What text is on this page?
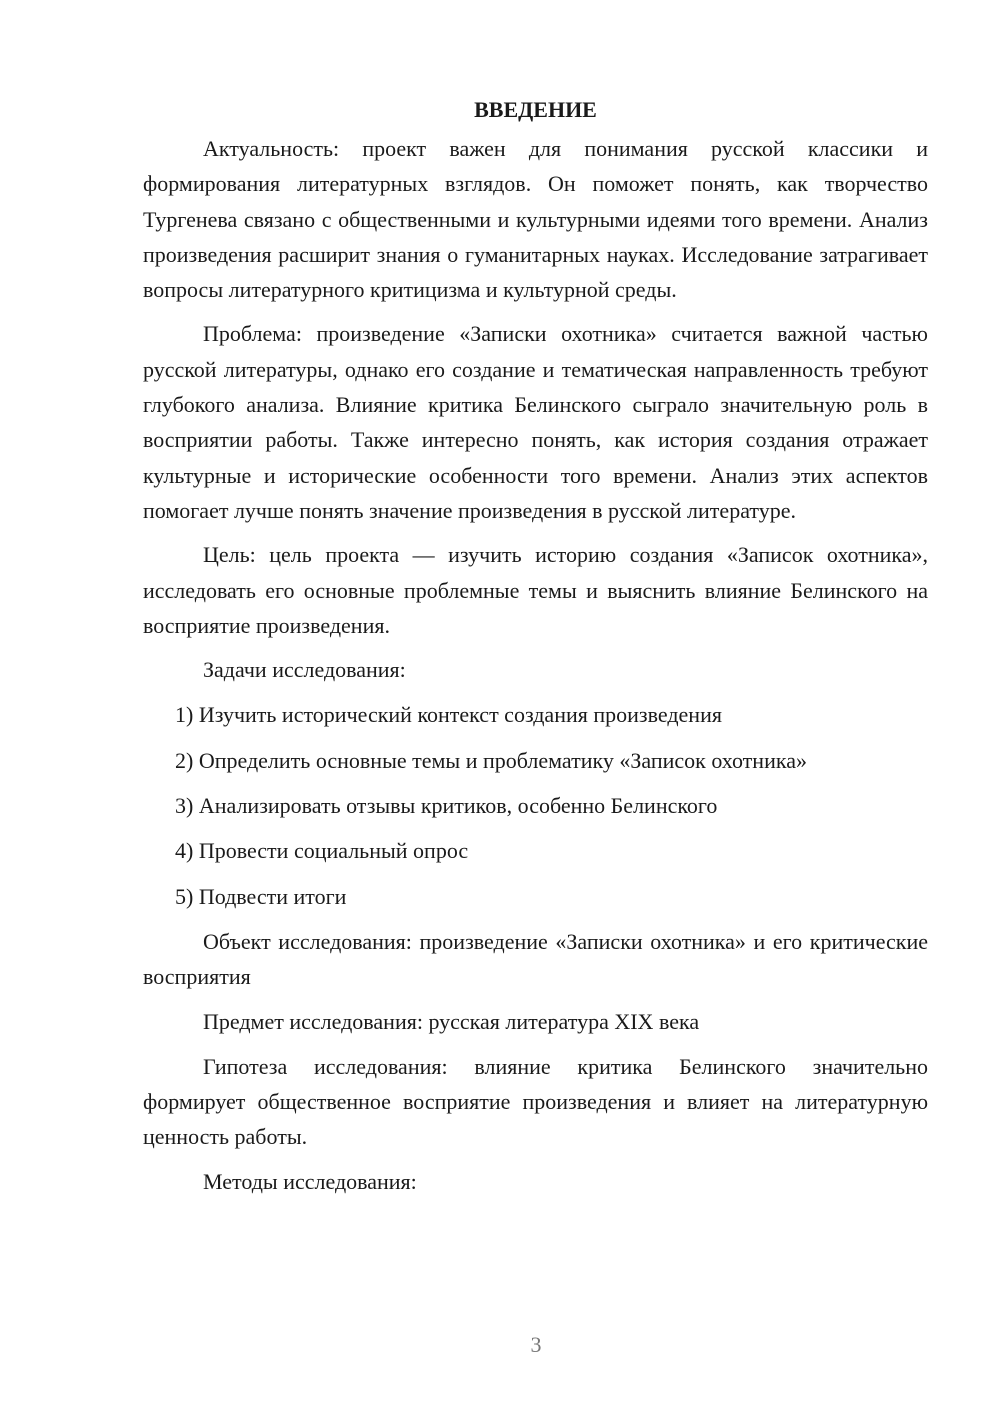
ВВЕДЕНИЕ

Актуальность: проект важен для понимания русской классики и формирования литературных взглядов. Он поможет понять, как творчество Тургенева связано с общественными и культурными идеями того времени. Анализ произведения расширит знания о гуманитарных науках. Исследование затрагивает вопросы литературного критицизма и культурной среды.

Проблема: произведение «Записки охотника» считается важной частью русской литературы, однако его создание и тематическая направленность требуют глубокого анализа. Влияние критика Белинского сыграло значительную роль в восприятии работы. Также интересно понять, как история создания отражает культурные и исторические особенности того времени. Анализ этих аспектов помогает лучше понять значение произведения в русской литературе.

Цель: цель проекта — изучить историю создания «Записок охотника», исследовать его основные проблемные темы и выяснить влияние Белинского на восприятие произведения.

Задачи исследования:

1) Изучить исторический контекст создания произведения
2) Определить основные темы и проблематику «Записок охотника»
3) Анализировать отзывы критиков, особенно Белинского
4) Провести социальный опрос
5) Подвести итоги

Объект исследования: произведение «Записки охотника» и его критические восприятия

Предмет исследования: русская литература XIX века

Гипотеза исследования: влияние критика Белинского значительно формирует общественное восприятие произведения и влияет на литературную ценность работы.

Методы исследования:

3
